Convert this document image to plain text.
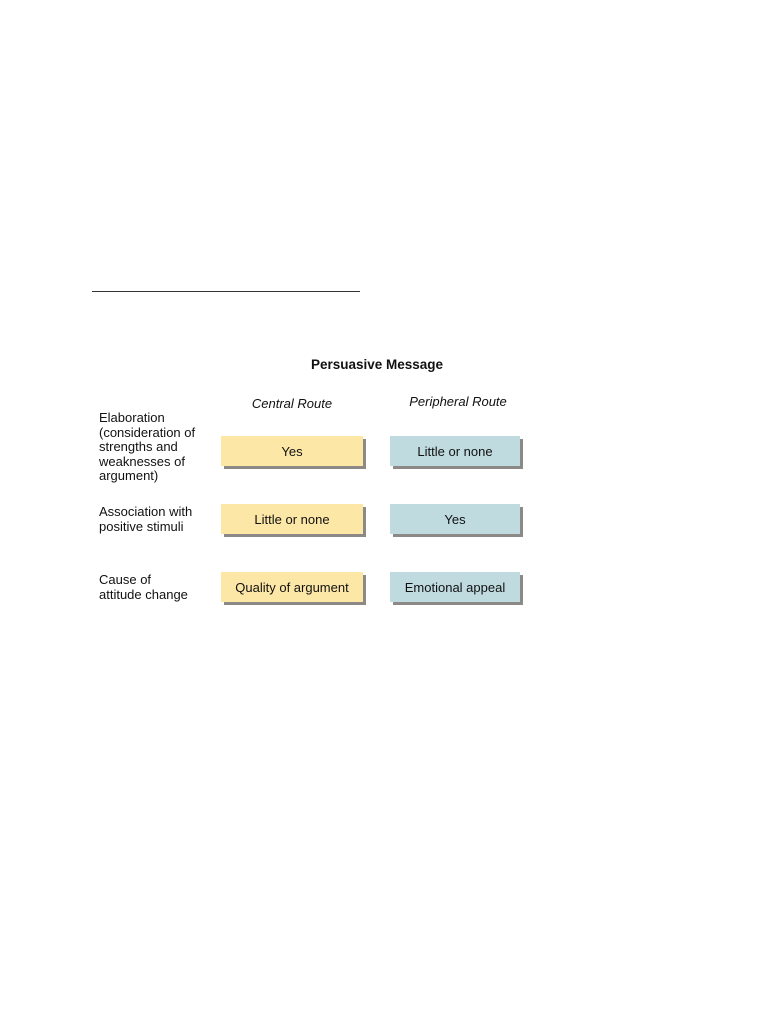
Persuasive Message
Central Route	Peripheral Route
Elaboration
(consideration of
strengths and
weaknesses of
argument)
Yes	Little or none
Association with
positive stimuli	Little or none	Yes
Cause of
attitude change	Quality of argument	Emotional appeal
